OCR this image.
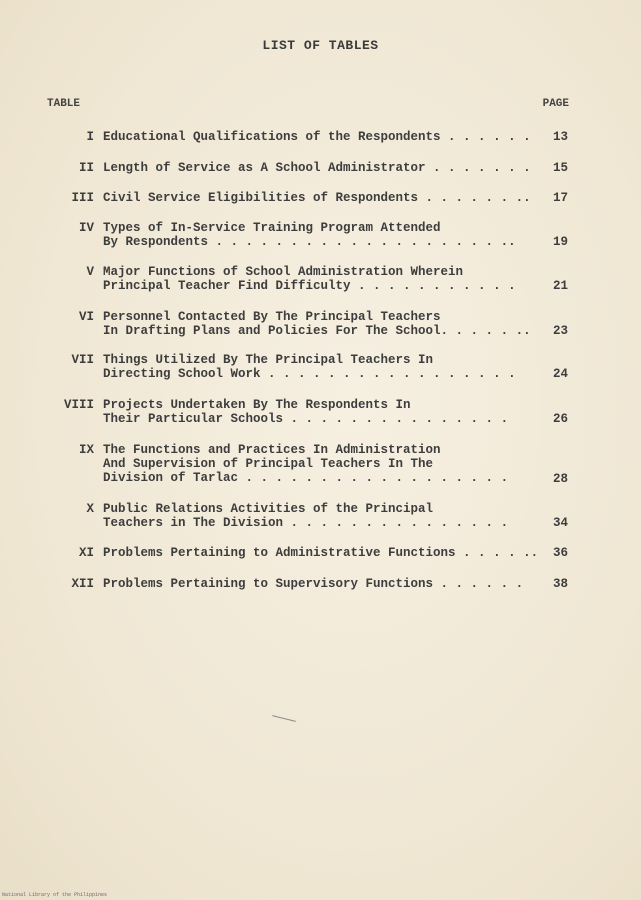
LIST OF TABLES
TABLE	PAGE
I Educational Qualifications of the Respondents . . . . . .	13
II Length of Service as A School Administrator . . . . . . .	15
III Civil Service Eligibilities of Respondents . . . . . . ..	17
IV Types of In-Service Training Program Attended
By Respondents . . . . . . . . . . . . . . . . . . . ..	19
V Major Functions of School Administration Wherein
Principal Teacher Find Difficulty . . . . . . . . . . .	21
VI Personnel Contacted By The Principal Teachers
In Drafting Plans and Policies For The School. . . . . ..	23
VII Things Utilized By The Principal Teachers In
Directing School Work . . . . . . . . . . . . . . . . .	24
VIII Projects Undertaken By The Respondents In
Their Particular Schools . . . . . . . . . . . . . . .	26
IX The Functions and Practices In Administration
And Supervision of Principal Teachers In The
Division of Tarlac . . . . . . . . . . . . . . . . . .	28
X Public Relations Activities of the Principal
Teachers in The Division . . . . . . . . . . . . . . .	34
XI Problems Pertaining to Administrative Functions . . . . ..	36
XII Problems Pertaining to Supervisory Functions . . . . . .	38
National Library of the Philippines
